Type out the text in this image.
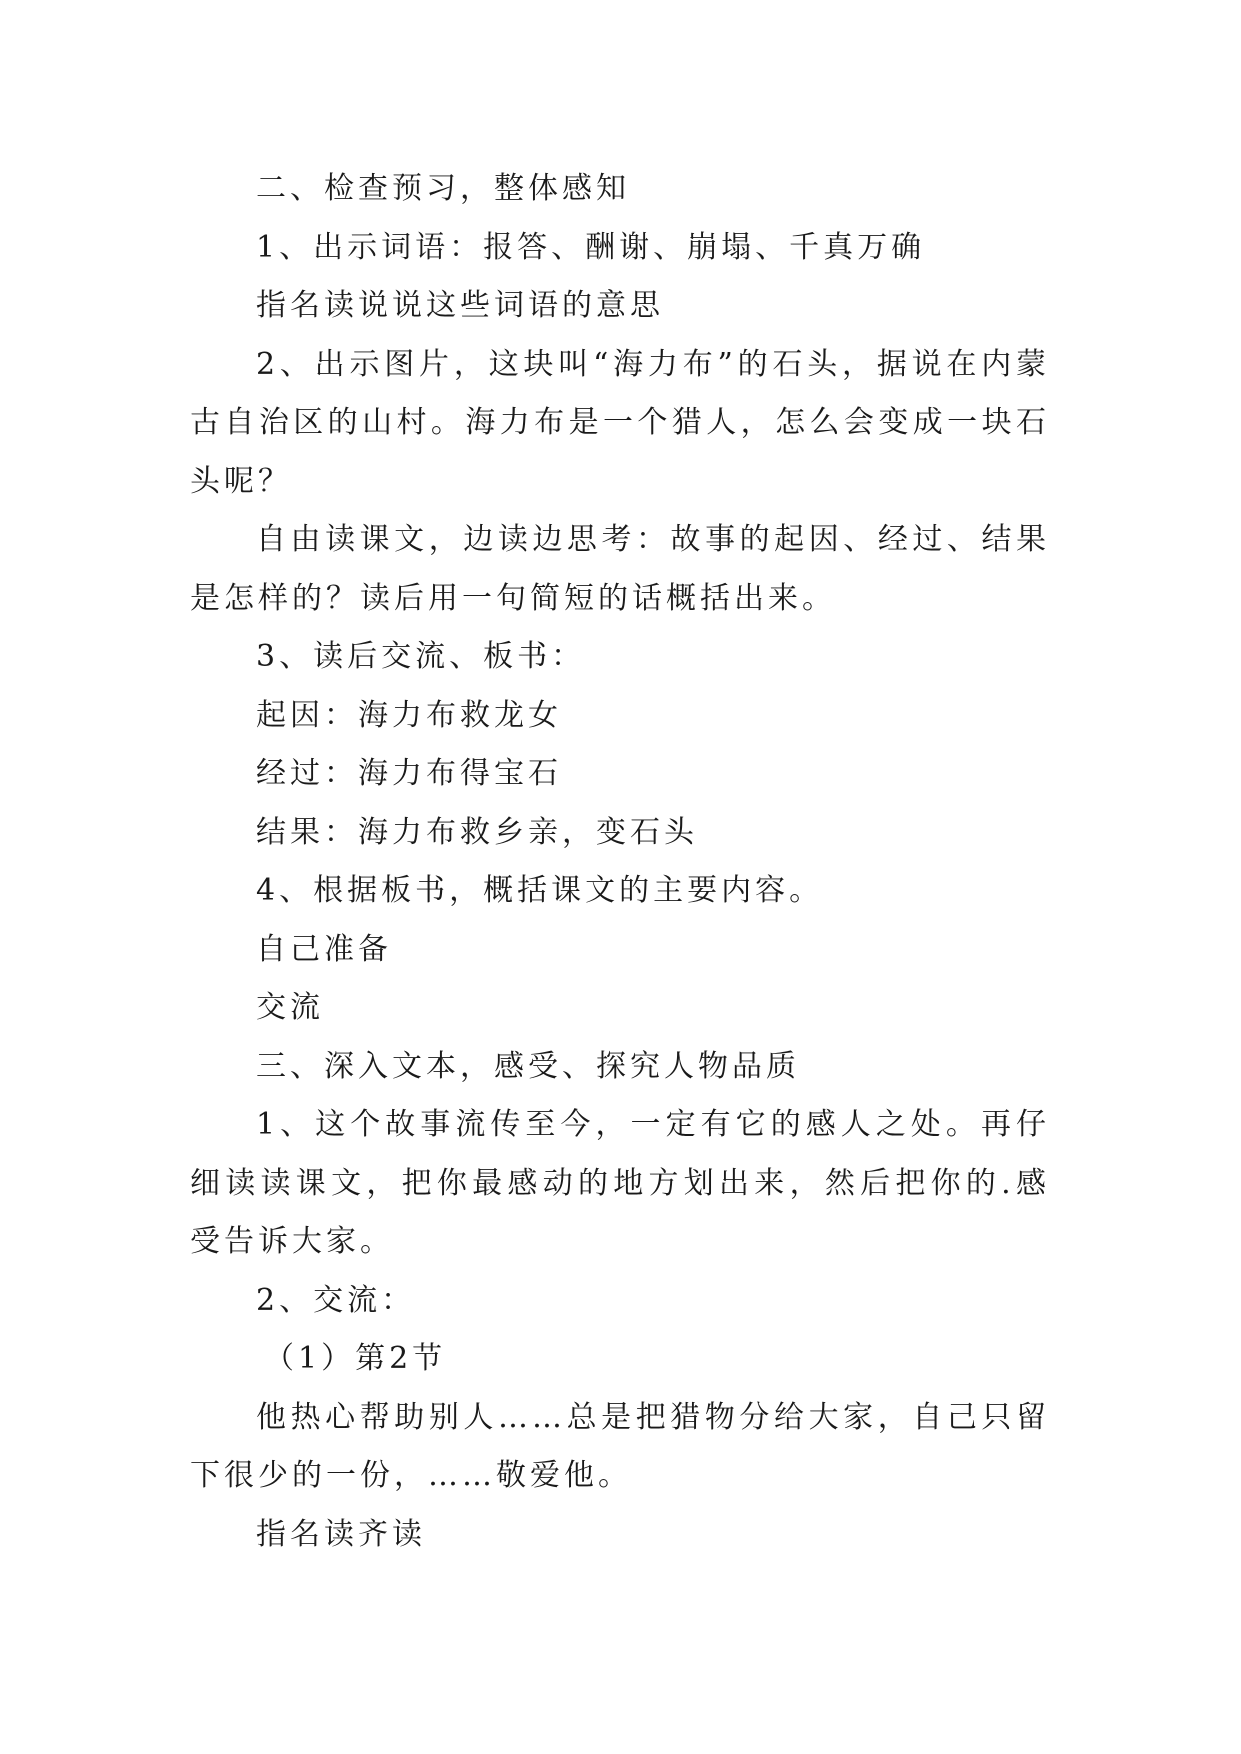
二、检查预习，整体感知

1、出示词语：报答、酬谢、崩塌、千真万确

指名读说说这些词语的意思

2、出示图片，这块叫“海力布”的石头，据说在内蒙古自治区的山村。海力布是一个猎人，怎么会变成一块石头呢？

自由读课文，边读边思考：故事的起因、经过、结果是怎样的？读后用一句简短的话概括出来。

3、读后交流、板书：

起因：海力布救龙女

经过：海力布得宝石

结果：海力布救乡亲，变石头

4、根据板书，概括课文的主要内容。

自己准备

交流

三、深入文本，感受、探究人物品质

1、这个故事流传至今，一定有它的感人之处。再仔细读读课文，把你最感动的地方划出来，然后把你的.感受告诉大家。

2、交流：

（1）第2节

他热心帮助别人……总是把猎物分给大家，自己只留下很少的一份，……敬爱他。

指名读齐读
